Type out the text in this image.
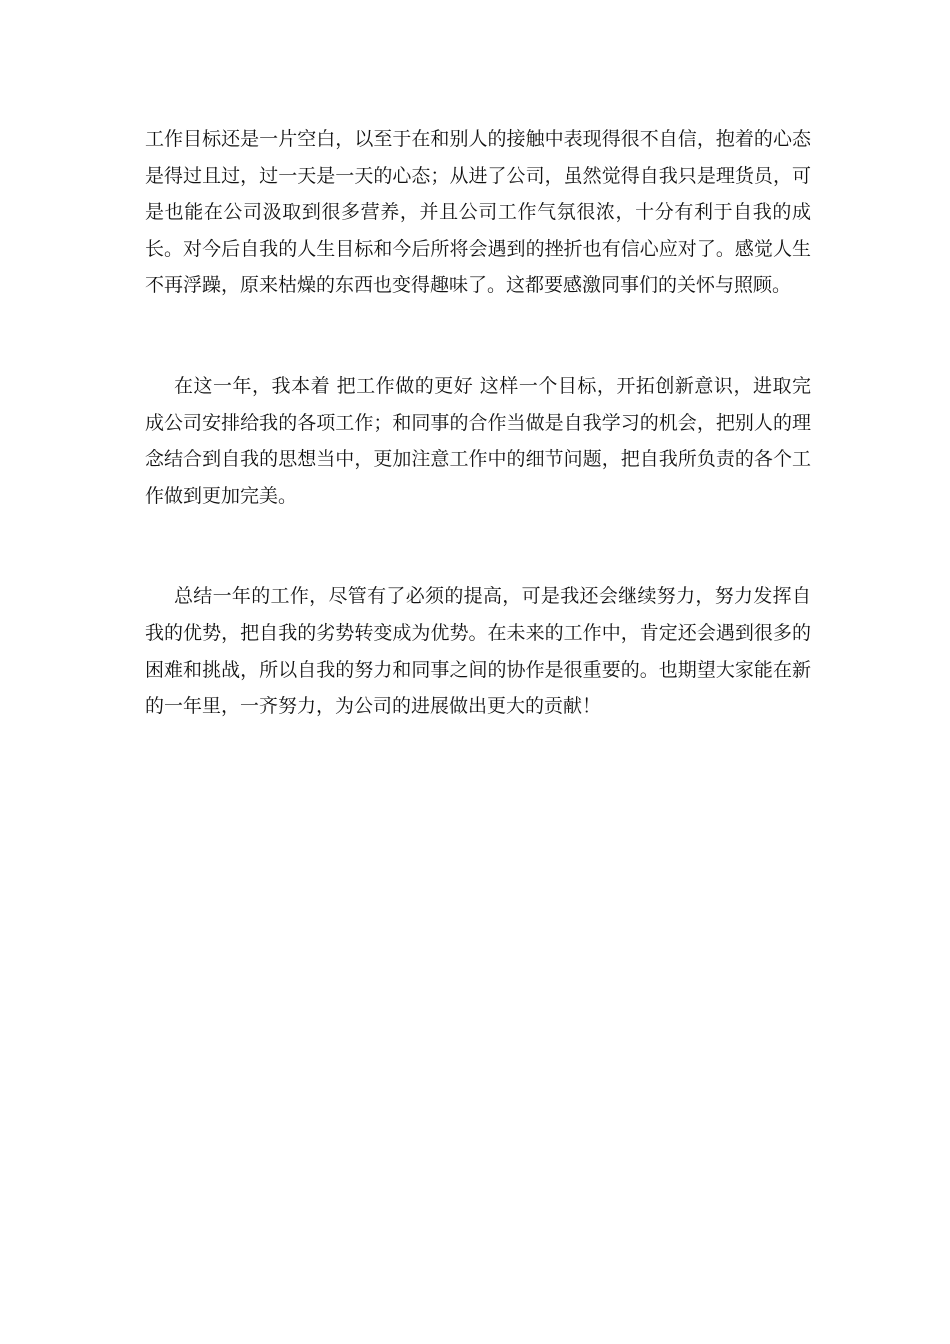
工作目标还是一片空白，以至于在和别人的接触中表现得很不自信，抱着的心态是得过且过，过一天是一天的心态；从进了公司，虽然觉得自我只是理货员，可是也能在公司汲取到很多营养，并且公司工作气氛很浓，十分有利于自我的成长。对今后自我的人生目标和今后所将会遇到的挫折也有信心应对了。感觉人生不再浮躁，原来枯燥的东西也变得趣味了。这都要感激同事们的关怀与照顾。

在这一年，我本着 把工作做的更好 这样一个目标，开拓创新意识，进取完成公司安排给我的各项工作；和同事的合作当做是自我学习的机会，把别人的理念结合到自我的思想当中，更加注意工作中的细节问题，把自我所负责的各个工作做到更加完美。

总结一年的工作，尽管有了必须的提高，可是我还会继续努力，努力发挥自我的优势，把自我的劣势转变成为优势。在未来的工作中，肯定还会遇到很多的困难和挑战，所以自我的努力和同事之间的协作是很重要的。也期望大家能在新的一年里，一齐努力，为公司的进展做出更大的贡献！
